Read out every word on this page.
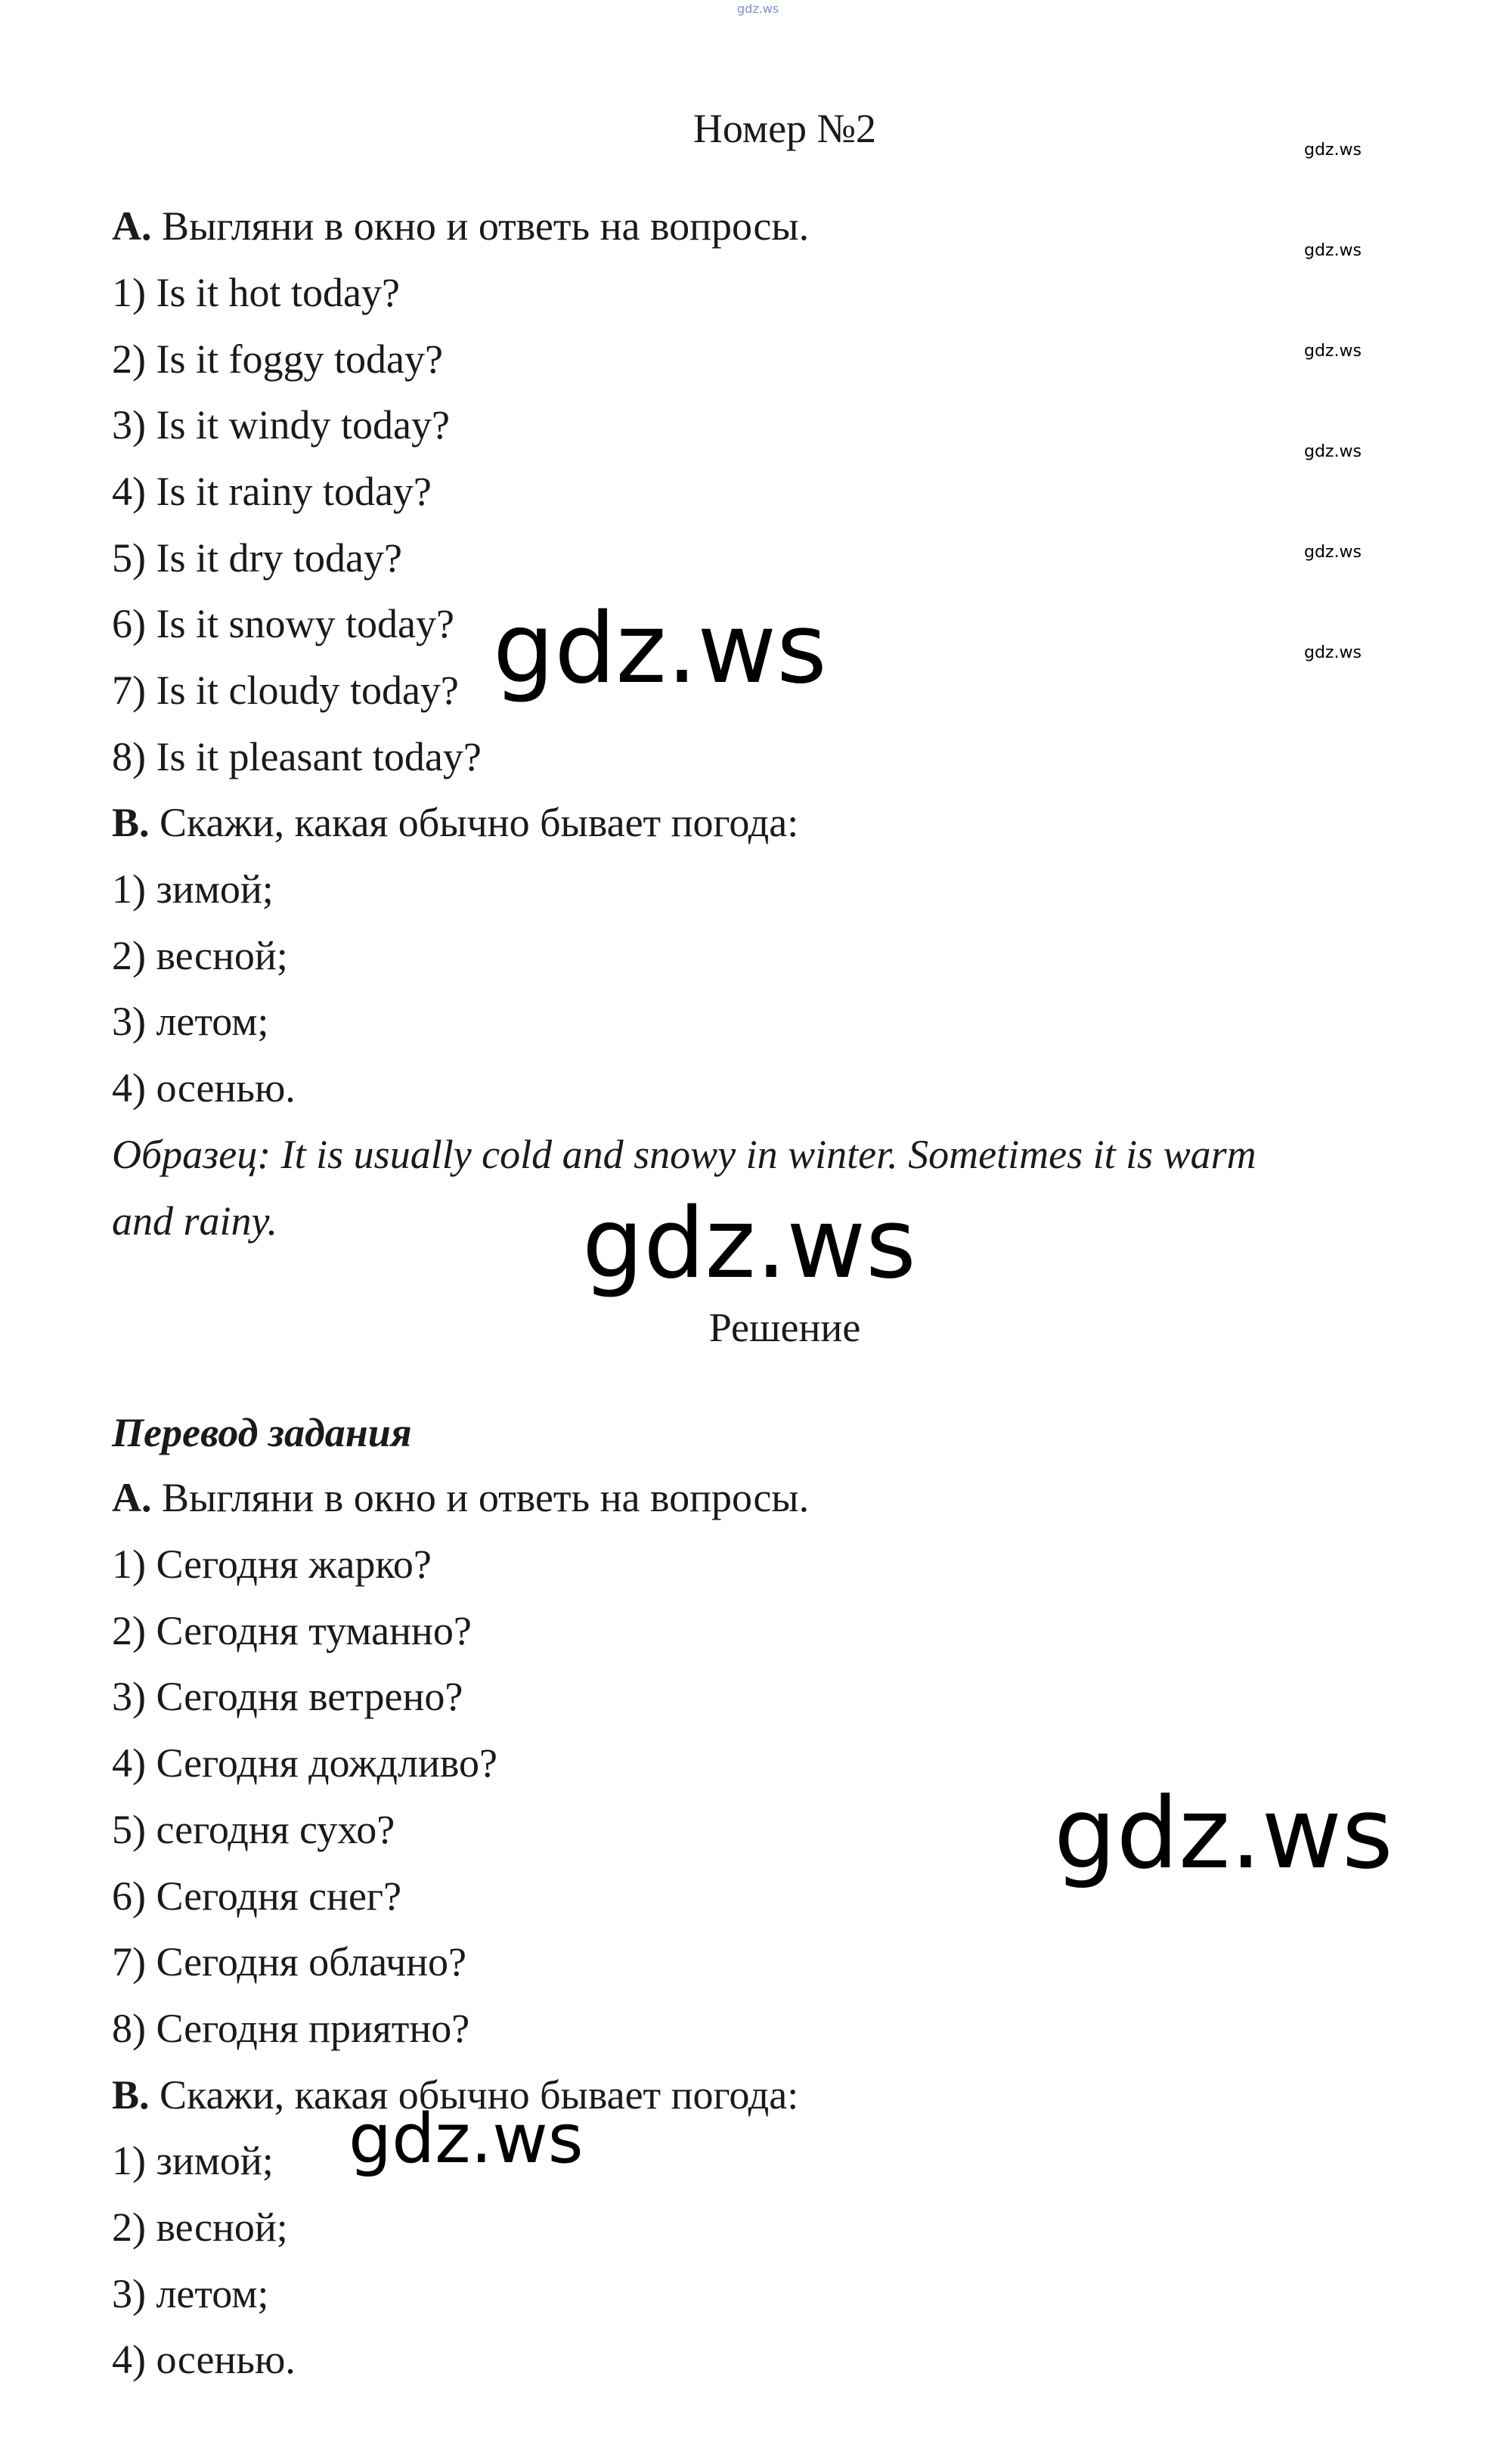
gdz.ws
Номер №2
A. Выгляни в окно и ответь на вопросы.
1) Is it hot today?
2) Is it foggy today?
3) Is it windy today?
4) Is it rainy today?
5) Is it dry today?
6) Is it snowy today?
7) Is it cloudy today?
8) Is it pleasant today?
B. Скажи, какая обычно бывает погода:
1) зимой;
2) весной;
3) летом;
4) осенью.
Образец: It is usually cold and snowy in winter. Sometimes it is warm
and rainy.
Решение
Перевод задания
А. Выгляни в окно и ответь на вопросы.
1) Сегодня жарко?
2) Сегодня туманно?
3) Сегодня ветрено?
4) Сегодня дождливо?
5) сегодня сухо?
6) Сегодня снег?
7) Сегодня облачно?
8) Сегодня приятно?
В. Скажи, какая обычно бывает погода:
1) зимой;
2) весной;
3) летом;
4) осенью.
gdz.ws
gdz.ws
gdz.ws
gdz.ws
gdz.ws
gdz.ws
gdz.ws
gdz.ws
gdz.ws
gdz.ws
